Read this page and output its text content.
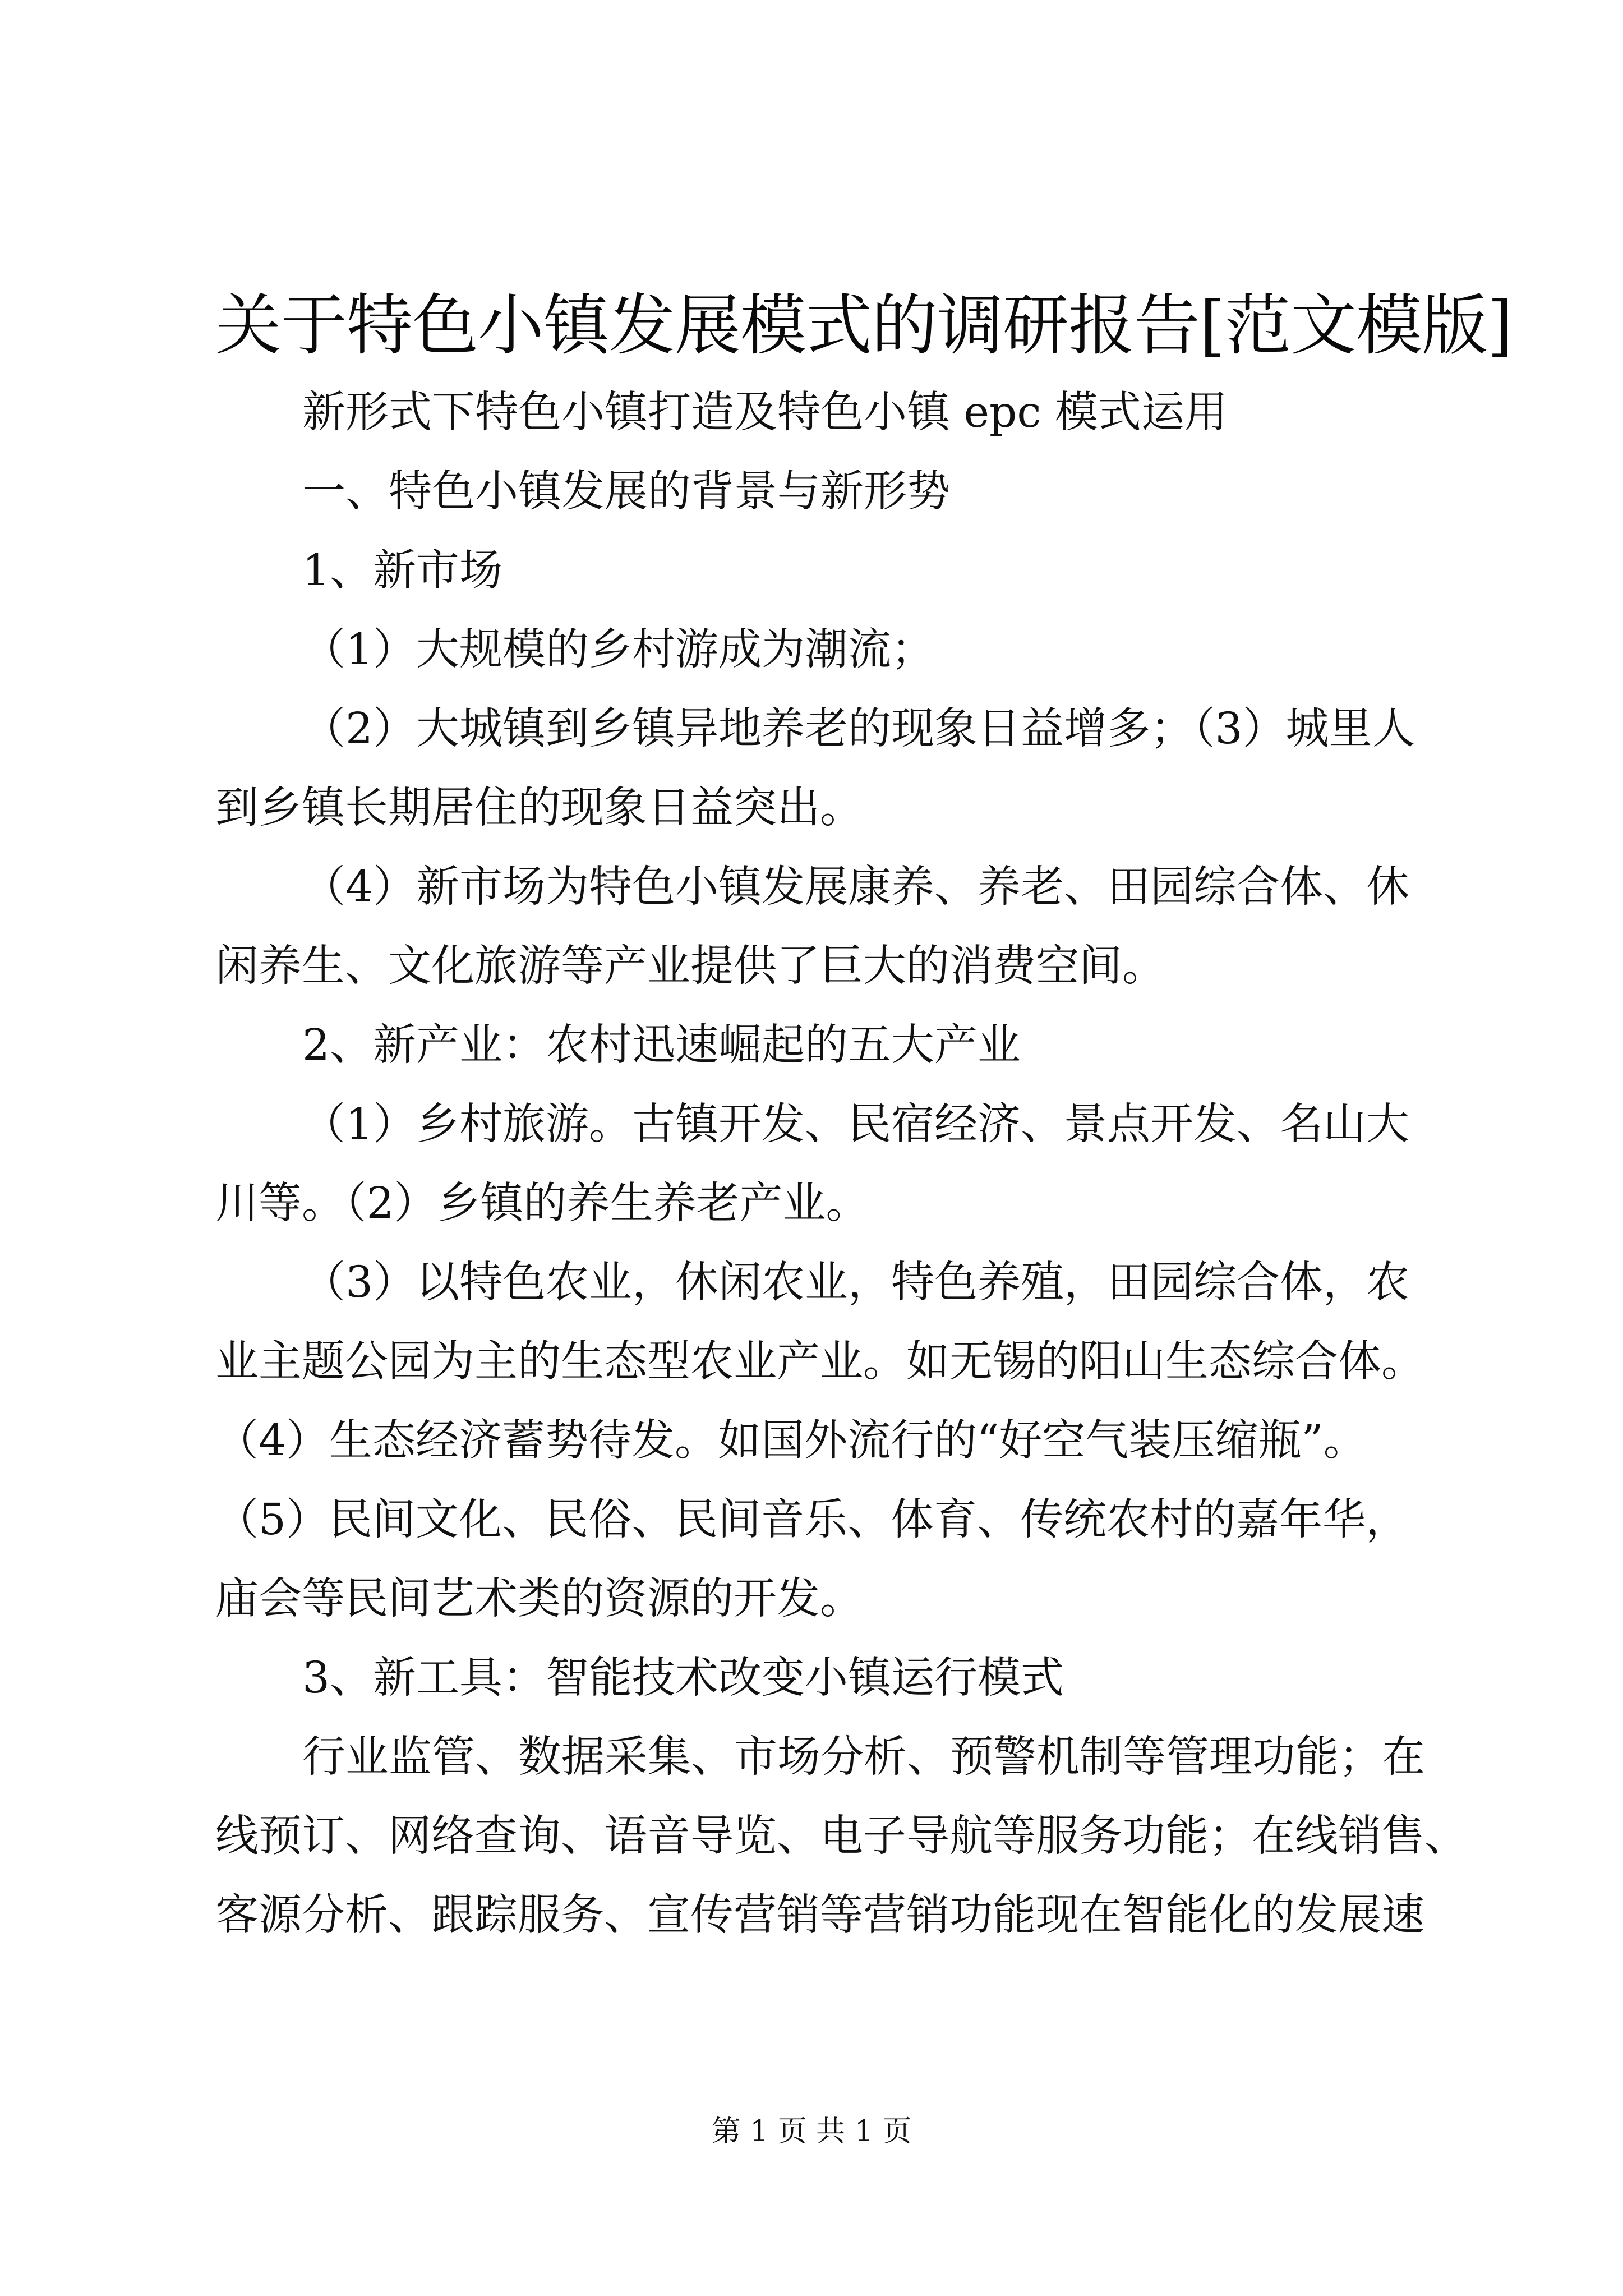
关于特色小镇发展模式的调研报告[范文模版]
新形式下特色小镇打造及特色小镇 epc 模式运用
一、特色小镇发展的背景与新形势
1、新市场
（1）大规模的乡村游成为潮流；
（2）大城镇到乡镇异地养老的现象日益增多；（3）城里人
到乡镇长期居住的现象日益突出。
（4）新市场为特色小镇发展康养、养老、田园综合体、休
闲养生、文化旅游等产业提供了巨大的消费空间。
2、新产业：农村迅速崛起的五大产业
（1）乡村旅游。古镇开发、民宿经济、景点开发、名山大
川等。（2）乡镇的养生养老产业。
（3）以特色农业，休闲农业，特色养殖，田园综合体，农
业主题公园为主的生态型农业产业。如无锡的阳山生态综合体。
（4）生态经济蓄势待发。如国外流行的“好空气装压缩瓶”。
（5）民间文化、民俗、民间音乐、体育、传统农村的嘉年华，
庙会等民间艺术类的资源的开发。
3、新工具：智能技术改变小镇运行模式
行业监管、数据采集、市场分析、预警机制等管理功能；在
线预订、网络查询、语音导览、电子导航等服务功能；在线销售、
客源分析、跟踪服务、宣传营销等营销功能现在智能化的发展速
第 1 页 共 1 页
